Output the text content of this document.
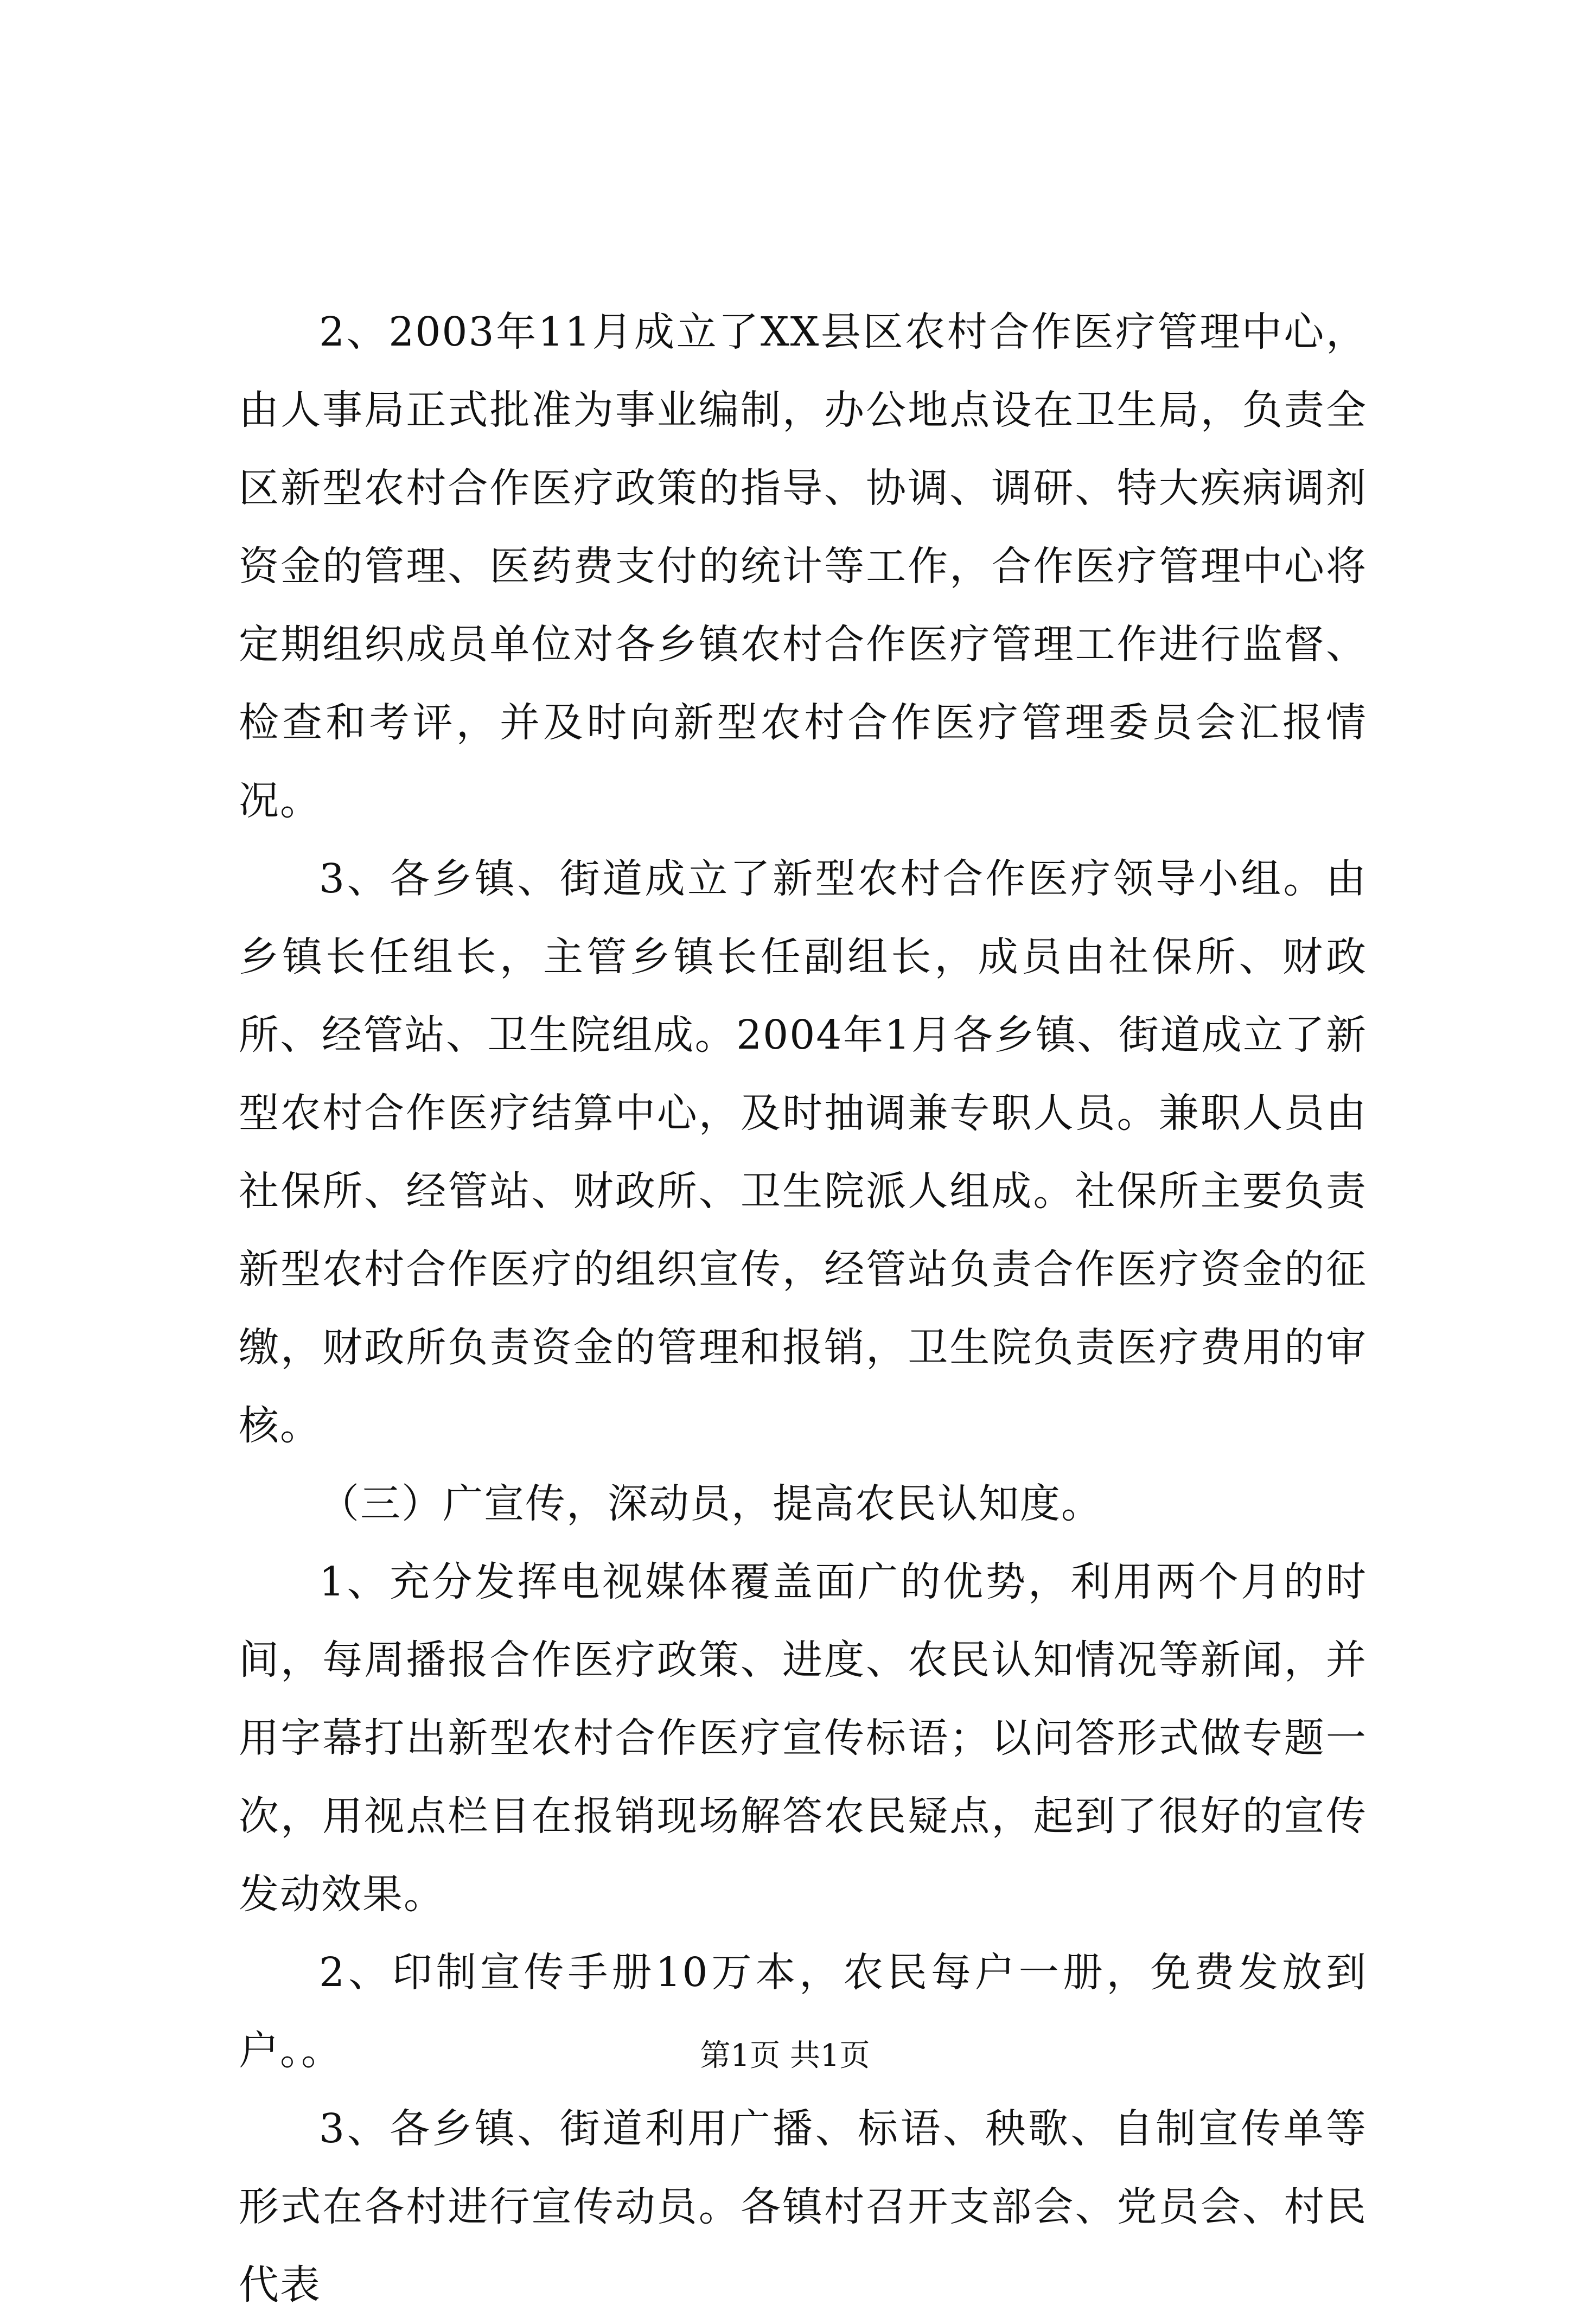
2、2003年11月成立了XX县区农村合作医疗管理中心，由人事局正式批准为事业编制，办公地点设在卫生局，负责全区新型农村合作医疗政策的指导、协调、调研、特大疾病调剂资金的管理、医药费支付的统计等工作，合作医疗管理中心将定期组织成员单位对各乡镇农村合作医疗管理工作进行监督、检查和考评，并及时向新型农村合作医疗管理委员会汇报情况。

3、各乡镇、街道成立了新型农村合作医疗领导小组。由乡镇长任组长，主管乡镇长任副组长，成员由社保所、财政所、经管站、卫生院组成。2004年1月各乡镇、街道成立了新型农村合作医疗结算中心，及时抽调兼专职人员。兼职人员由社保所、经管站、财政所、卫生院派人组成。社保所主要负责新型农村合作医疗的组织宣传，经管站负责合作医疗资金的征缴，财政所负责资金的管理和报销，卫生院负责医疗费用的审核。

（三）广宣传，深动员，提高农民认知度。

1、充分发挥电视媒体覆盖面广的优势，利用两个月的时间，每周播报合作医疗政策、进度、农民认知情况等新闻，并用字幕打出新型农村合作医疗宣传标语；以问答形式做专题一次，用视点栏目在报销现场解答农民疑点，起到了很好的宣传发动效果。

2、印制宣传手册10万本，农民每户一册，免费发放到户。。

3、各乡镇、街道利用广播、标语、秧歌、自制宣传单等形式在各村进行宣传动员。各镇村召开支部会、党员会、村民代表

第1页 共1页
